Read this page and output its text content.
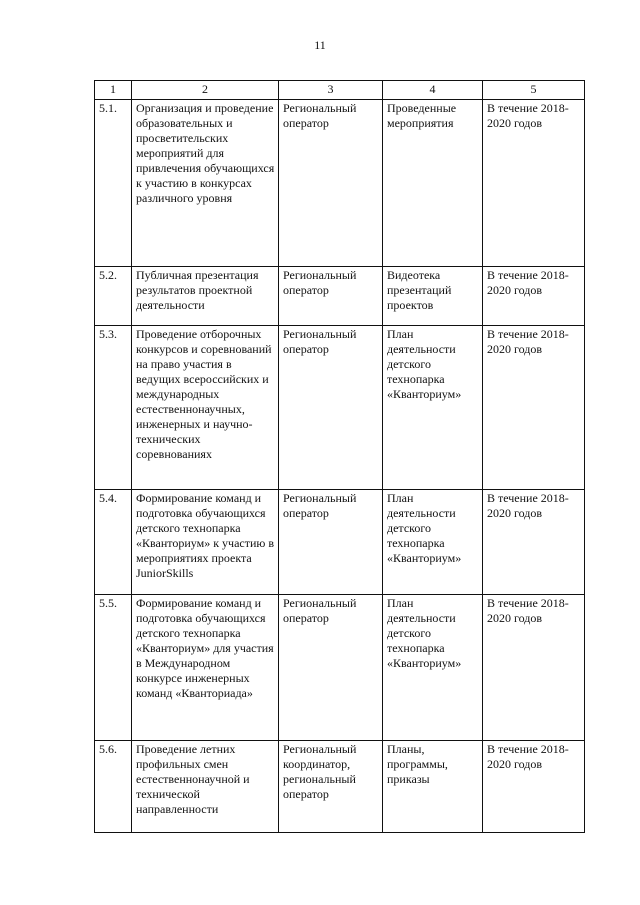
11
1	2	3	4	5
5.1.	Организация и проведение образовательных и просветительских мероприятий для привлечения обучающихся к участию в конкурсах различного уровня	Региональный оператор	Проведенные мероприятия	В течение 2018-2020 годов
5.2.	Публичная презентация результатов проектной деятельности	Региональный оператор	Видеотека презентаций проектов	В течение 2018-2020 годов
5.3.	Проведение отборочных конкурсов и соревнований на право участия в ведущих всероссийских и международных естественнонаучных, инженерных и научно-технических соревнованиях	Региональный оператор	План деятельности детского технопарка «Кванториум»	В течение 2018-2020 годов
5.4.	Формирование команд и подготовка обучающихся детского технопарка «Кванториум» к участию в мероприятиях проекта JuniorSkills	Региональный оператор	План деятельности детского технопарка «Кванториум»	В течение 2018-2020 годов
5.5.	Формирование команд и подготовка обучающихся детского технопарка «Кванториум» для участия в Международном конкурсе инженерных команд «Кванториада»	Региональный оператор	План деятельности детского технопарка «Кванториум»	В течение 2018-2020 годов
5.6.	Проведение летних профильных смен естественнонаучной и технической направленности	Региональный координатор, региональный оператор	Планы, программы, приказы	В течение 2018-2020 годов
